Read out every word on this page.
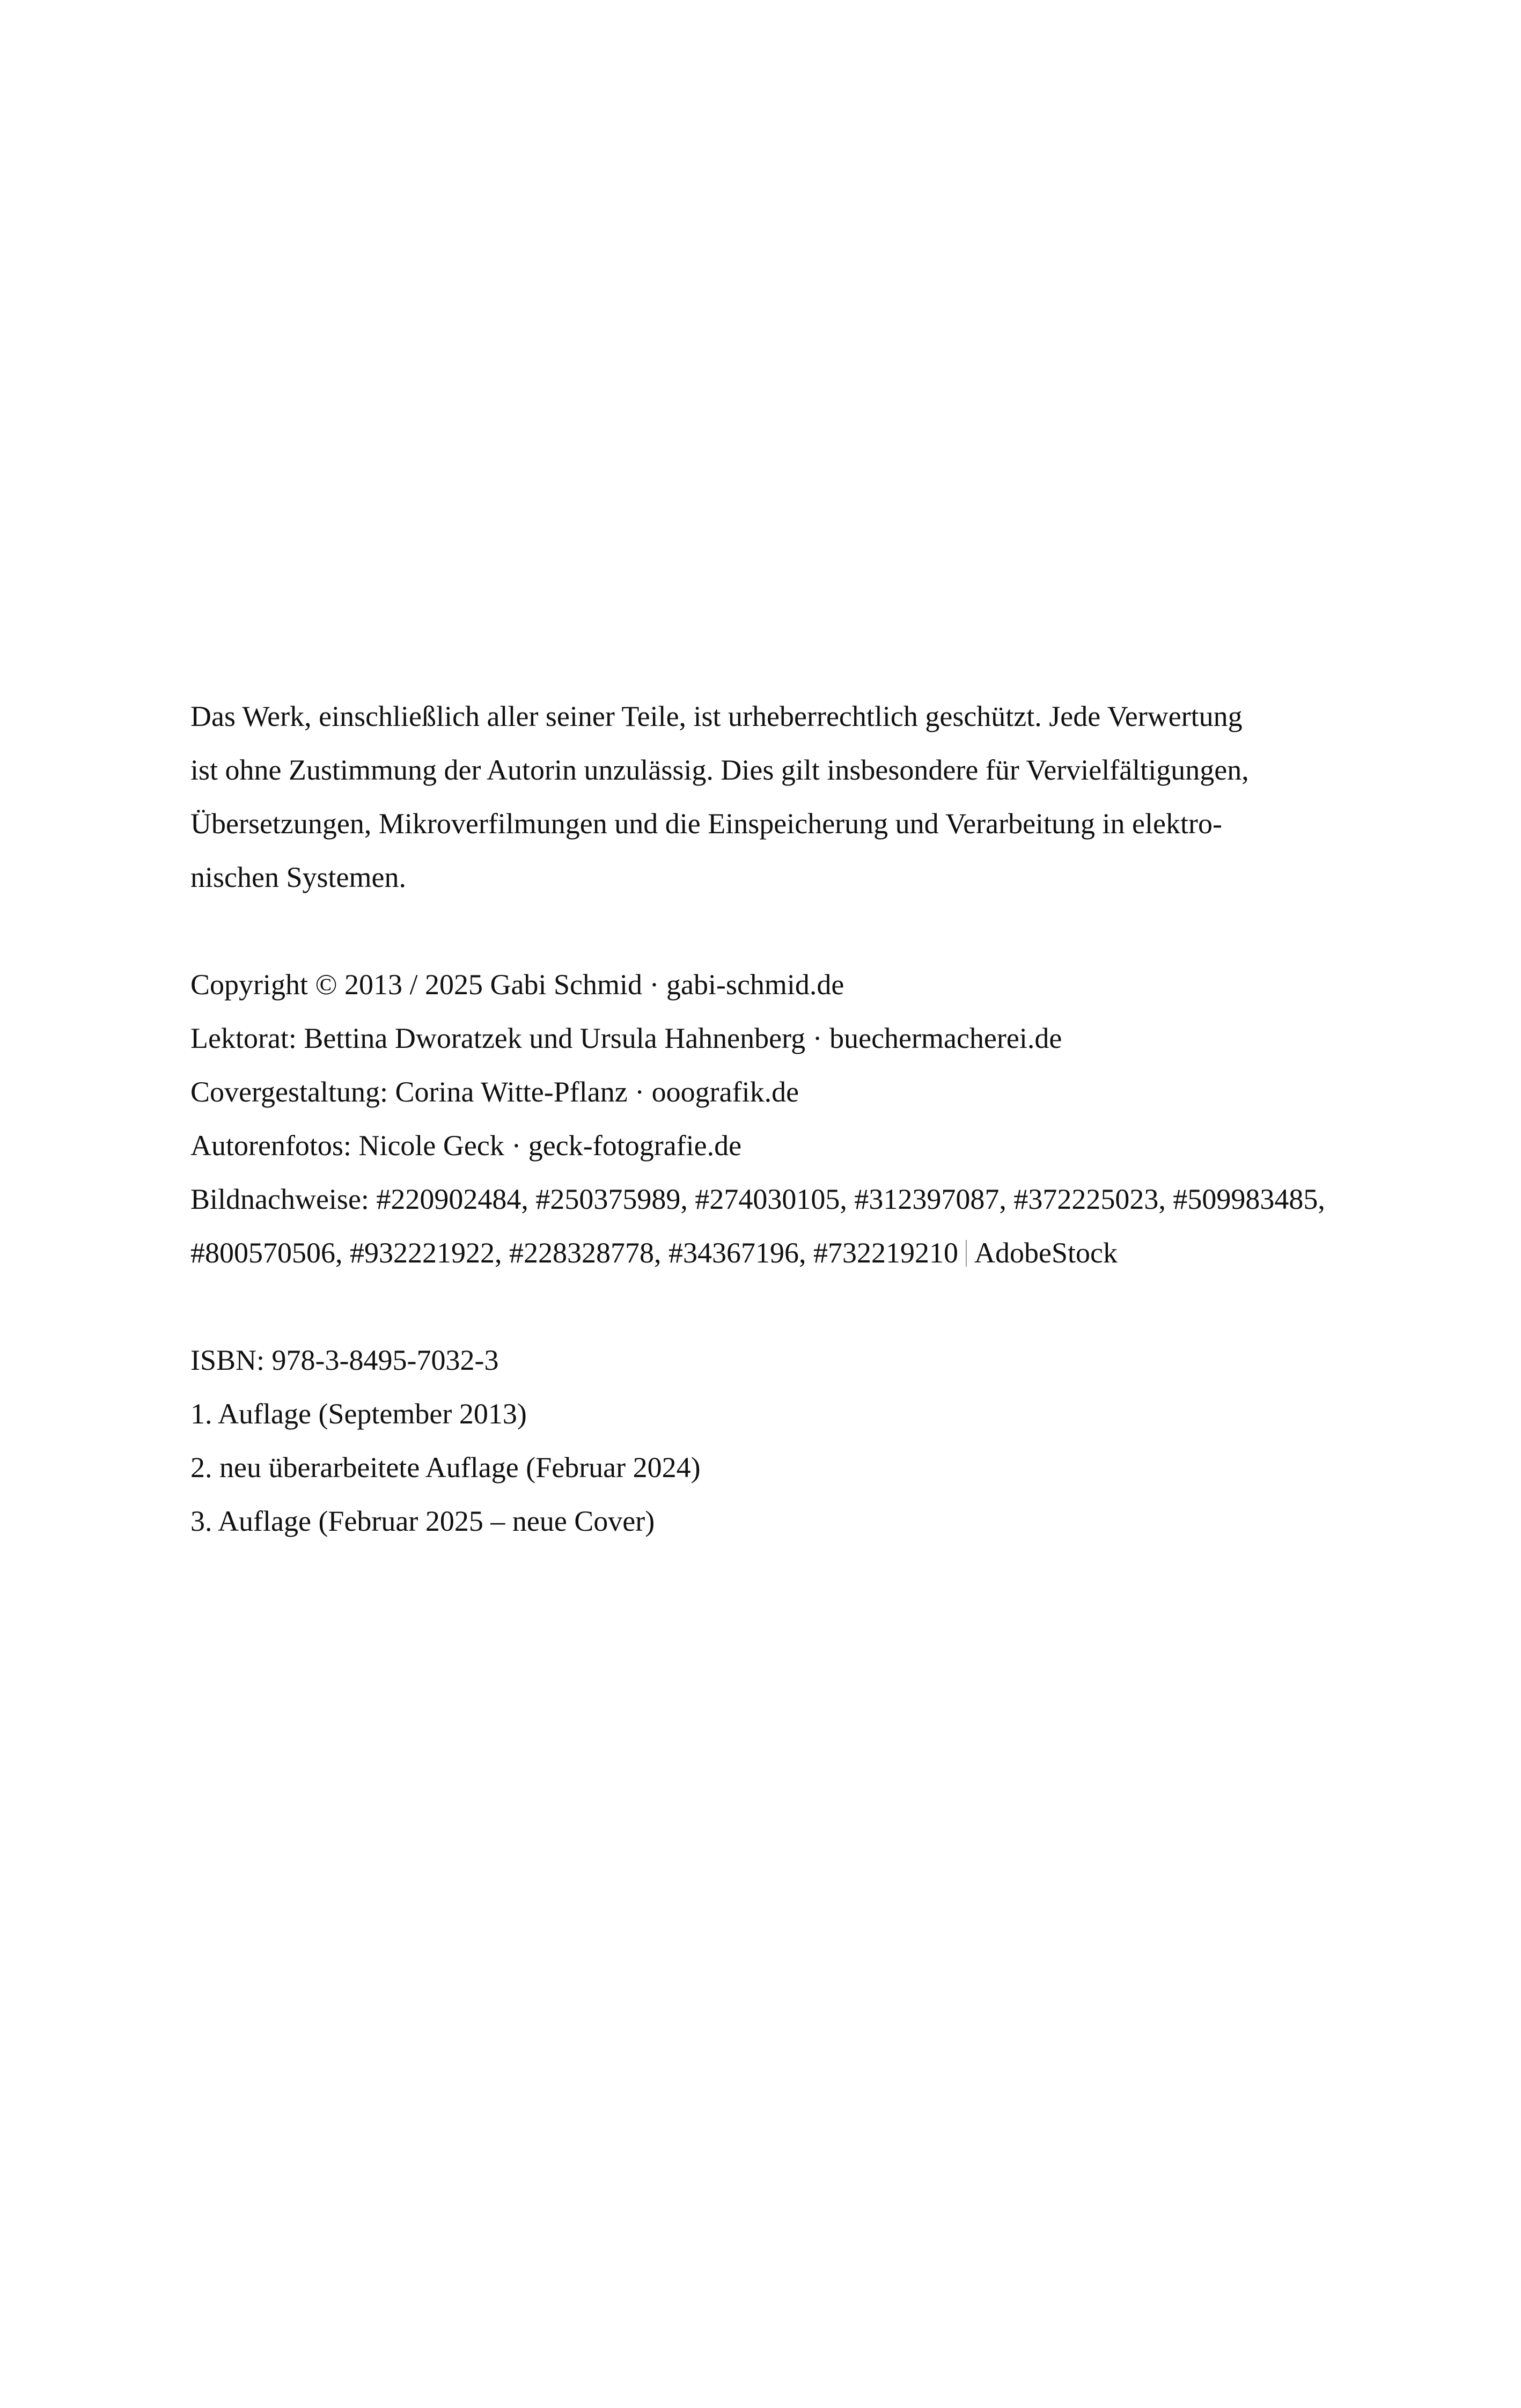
Das Werk, einschließlich aller seiner Teile, ist urheberrechtlich geschützt. Jede Verwertung

ist ohne Zustimmung der Autorin unzulässig. Dies gilt insbesondere für Vervielfältigungen,

Übersetzungen, Mikroverfilmungen und die Einspeicherung und Verarbeitung in elektro-

nischen Systemen.

Copyright © 2013 / 2025 Gabi Schmid · gabi-schmid.de
Lektorat: Bettina Dworatzek und Ursula Hahnenberg · buechermacherei.de
Covergestaltung: Corina Witte-Pflanz · ooografik.de
Autorenfotos: Nicole Geck · geck-fotografie.de
Bildnachweise: #220902484, #250375989, #274030105, #312397087, #372225023, #509983485,
#800570506, #932221922, #228328778, #34367196, #732219210 AdobeStock
ISBN: 978-3-8495-7032-3
1. Auflage (September 2013)
2. neu überarbeitete Auflage (Februar 2024)
3. Auflage (Februar 2025 – neue Cover)
